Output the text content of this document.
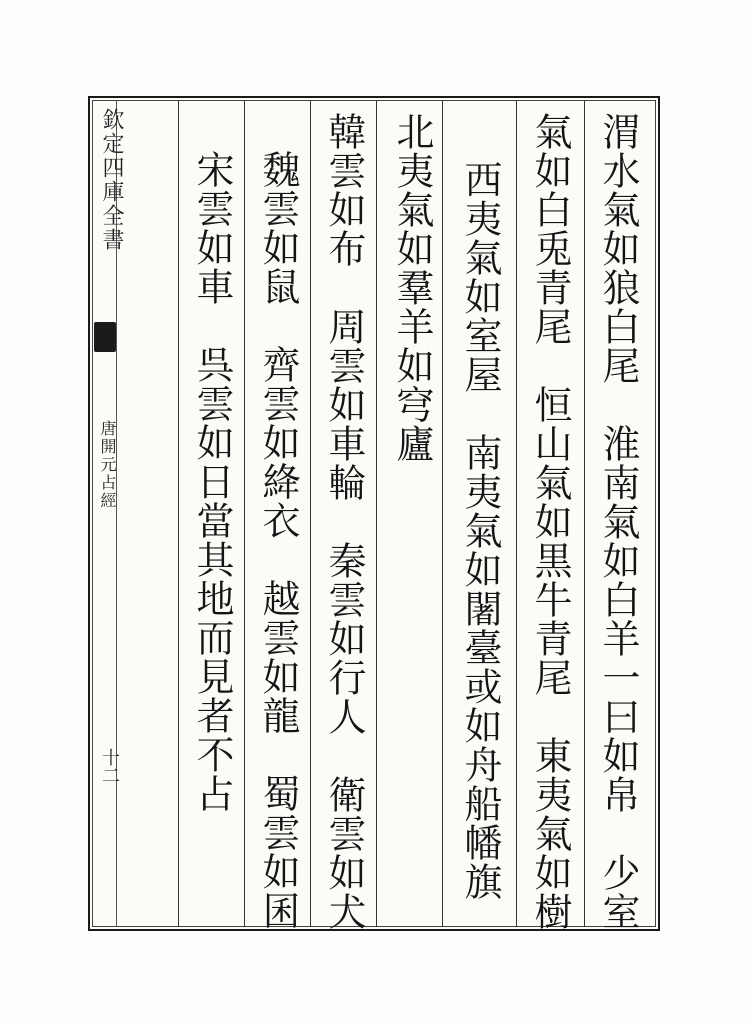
欽定四庫全書
唐開元占經
十二	渭水氣如狼白尾　淮南氣如白羊一曰如帛　少室
氣如白兎青尾　恒山氣如黒牛青尾　東夷氣如樹
西夷氣如室屋　南夷氣如闍臺或如舟船幡旗
北夷氣如羣羊如穹廬
韓雲如布　周雲如車輪　秦雲如行人　衛雲如犬
魏雲如鼠　齊雲如絳衣　越雲如龍　蜀雲如囷
宋雲如車　呉雲如日當其地而見者不占
